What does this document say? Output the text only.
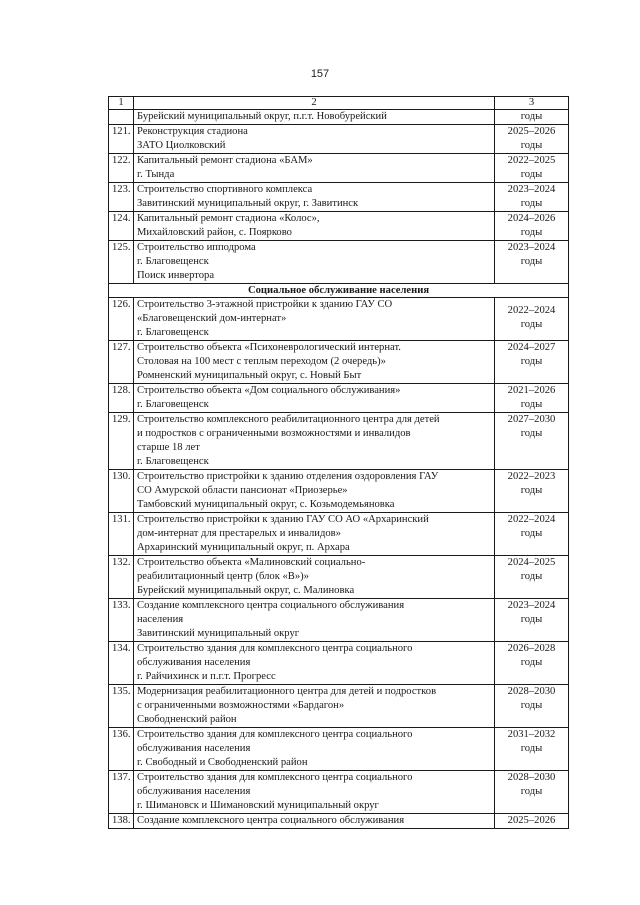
157
1	2	3

	Бурейский муниципальный округ, п.г.т. Новобурейский	годы

121.	Реконструкция стадиона
ЗАТО Циолковский	2025–2026
годы

122.	Капитальный ремонт стадиона «БАМ»
г. Тында	2022–2025
годы

123.	Строительство спортивного комплекса
Завитинский муниципальный округ, г. Завитинск	2023–2024
годы

124.	Капитальный ремонт стадиона «Колос»,
Михайловский район, с. Поярково	2024–2026
годы

125.	Строительство ипподрома
г. Благовещенск
Поиск инвертора	2023–2024
годы

Социальное обслуживание населения		
126.	Строительство 3-этажной пристройки к зданию ГАУ СО
«Благовещенский дом-интернат»
г. Благовещенск	2022–2024
годы

127.	Строительство объекта «Психоневрологический интернат.
Столовая на 100 мест с теплым переходом (2 очередь)»
Ромненский муниципальный округ, с. Новый Быт	2024–2027
годы

128.	Строительство объекта «Дом социального обслуживания»
г. Благовещенск	2021–2026
годы

129.	Строительство комплексного реабилитационного центра для детей
и подростков с ограниченными возможностями и инвалидов
старше 18 лет
г. Благовещенск	2027–2030
годы

130.	Строительство пристройки к зданию отделения оздоровления ГАУ
СО Амурской области пансионат «Приозерье»
Тамбовский муниципальный округ, с. Козьмодемьяновка	2022–2023
годы

131.	Строительство пристройки к зданию ГАУ СО АО «Архаринский
дом-интернат для престарелых и инвалидов»
Архаринский муниципальный округ, п. Архара	2022–2024
годы

132.	Строительство объекта «Малиновский социально-
реабилитационный центр (блок «В»)»
Бурейский муниципальный округ, с. Малиновка	2024–2025
годы

133.	Создание комплексного центра социального обслуживания
населения
Завитинский муниципальный округ	2023–2024
годы

134.	Строительство здания для комплексного центра социального
обслуживания населения
г. Райчихинск и п.г.т. Прогресс	2026–2028
годы

135.	Модернизация реабилитационного центра для детей и подростков
с ограниченными возможностями «Бардагон»
Свободненский район	2028–2030
годы

136.	Строительство здания для комплексного центра социального
обслуживания населения
г. Свободный и Свободненский район	2031–2032
годы

137.	Строительство здания для комплексного центра социального
обслуживания населения
г. Шимановск и Шимановский муниципальный округ	2028–2030
годы

138.	Создание комплексного центра социального обслуживания	2025–2026
